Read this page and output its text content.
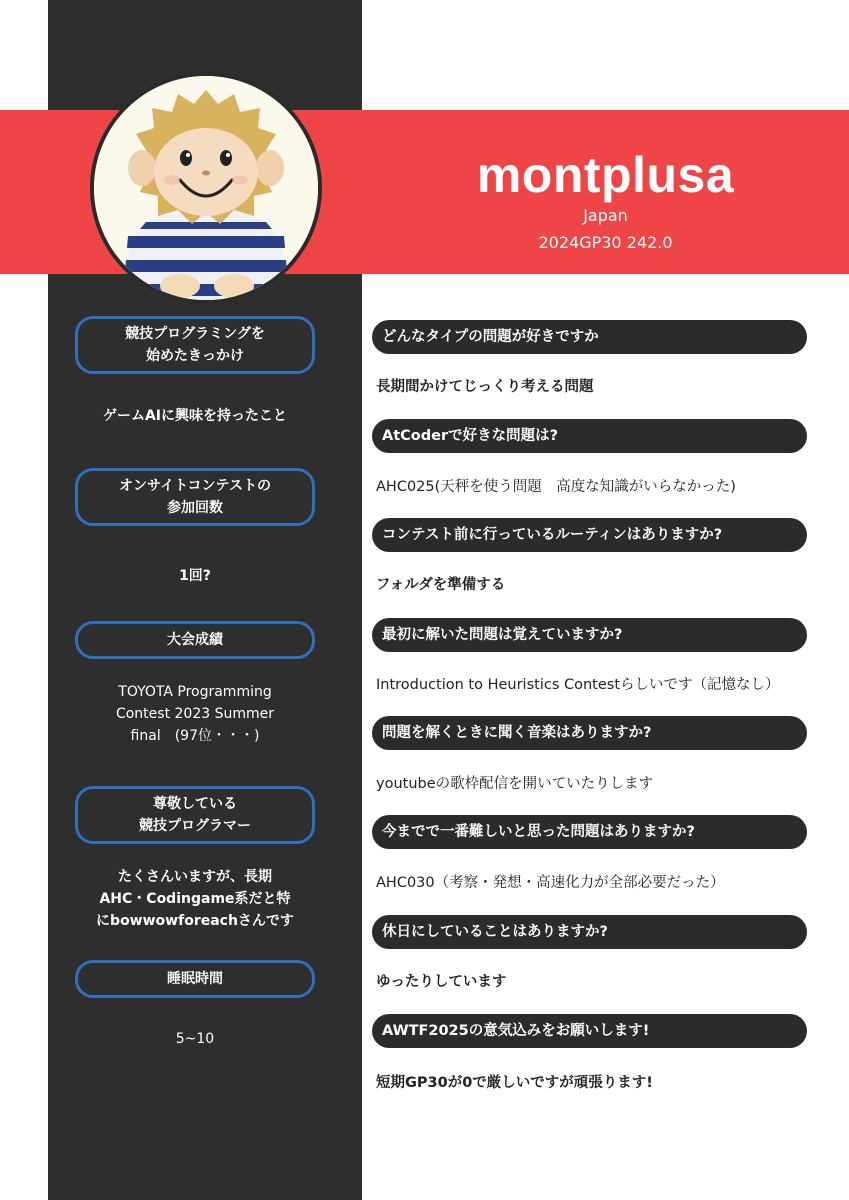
montplusa
Japan
2024GP30 242.0
競技プログラミングを
始めたきっかけ
ゲームAIに興味を持ったこと
オンサイトコンテストの
参加回数
1回?
大会成績
TOYOTA Programming
Contest 2023 Summer
final　(97位・・・)
尊敬している
競技プログラマー
たくさんいますが、長期
AHC・Codingame系だと特
にbowwowforeachさんです
睡眠時間
5~10
どんなタイプの問題が好きですか
長期間かけてじっくり考える問題
AtCoderで好きな問題は?
AHC025(天秤を使う問題　高度な知識がいらなかった)
コンテスト前に行っているルーティンはありますか?
フォルダを準備する
最初に解いた問題は覚えていますか?
Introduction to Heuristics Contestらしいです（記憶なし）
問題を解くときに聞く音楽はありますか?
youtubeの歌枠配信を開いていたりします
今までで一番難しいと思った問題はありますか?
AHC030（考察・発想・高速化力が全部必要だった）
休日にしていることはありますか?
ゆったりしています
AWTF2025の意気込みをお願いします!
短期GP30が0で厳しいですが頑張ります!
